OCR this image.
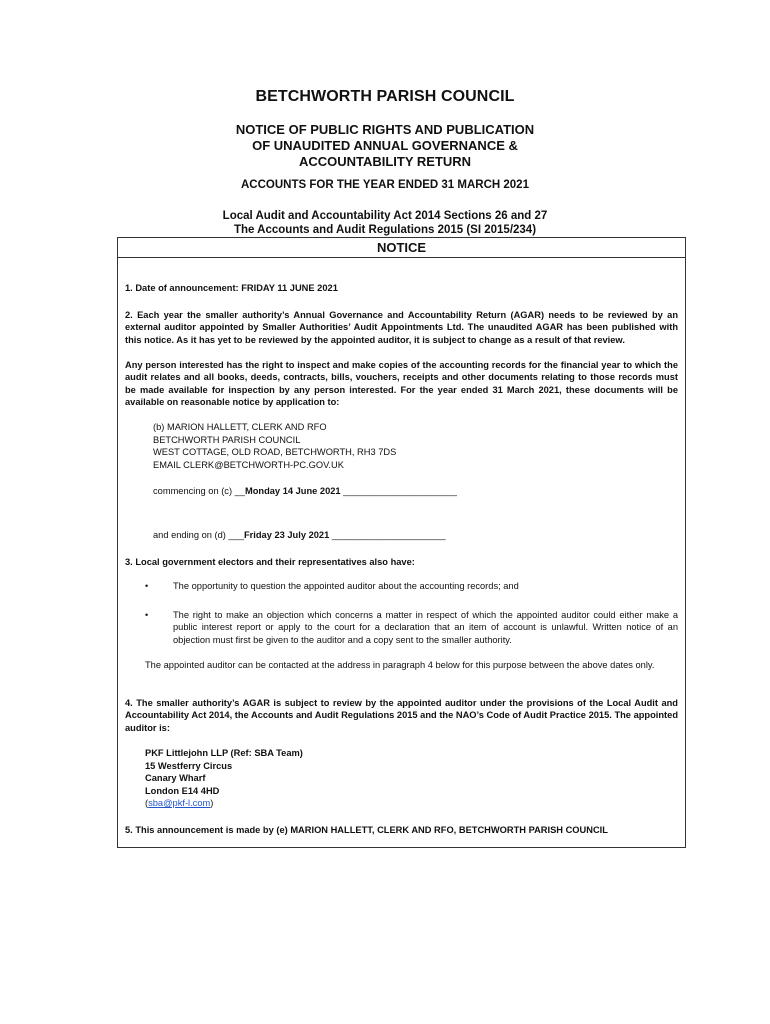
BETCHWORTH PARISH COUNCIL
NOTICE OF PUBLIC RIGHTS AND PUBLICATION
OF UNAUDITED ANNUAL GOVERNANCE &
ACCOUNTABILITY RETURN
ACCOUNTS FOR THE YEAR ENDED 31 MARCH 2021
Local Audit and Accountability Act 2014 Sections 26 and 27
The Accounts and Audit Regulations 2015 (SI 2015/234)
NOTICE

1. Date of announcement: FRIDAY 11 JUNE 2021

2. Each year the smaller authority’s Annual Governance and Accountability Return (AGAR) needs to be reviewed by an external auditor appointed by Smaller Authorities’ Audit Appointments Ltd. The unaudited AGAR has been published with this notice. As it has yet to be reviewed by the appointed auditor, it is subject to change as a result of that review.

Any person interested has the right to inspect and make copies of the accounting records for the financial year to which the audit relates and all books, deeds, contracts, bills, vouchers, receipts and other documents relating to those records must be made available for inspection by any person interested. For the year ended 31 March 2021, these documents will be available on reasonable notice by application to:

(b) MARION HALLETT, CLERK AND RFO

BETCHWORTH PARISH COUNCIL

WEST COTTAGE, OLD ROAD, BETCHWORTH, RH3 7DS

EMAIL CLERK@BETCHWORTH-PC.GOV.UK

commencing on (c) __Monday 14 June 2021 ______________________

and ending on (d) ___Friday 23 July 2021 ______________________

3. Local government electors and their representatives also have:

•	The opportunity to question the appointed auditor about the accounting records; and
•	The right to make an objection which concerns a matter in respect of which the appointed auditor could either make a public interest report or apply to the court for a declaration that an item of account is unlawful. Written notice of an objection must first be given to the auditor and a copy sent to the smaller authority.

The appointed auditor can be contacted at the address in paragraph 4 below for this purpose between the above dates only.

4. The smaller authority’s AGAR is subject to review by the appointed auditor under the provisions of the Local Audit and Accountability Act 2014, the Accounts and Audit Regulations 2015 and the NAO’s Code of Audit Practice 2015. The appointed auditor is:

PKF Littlejohn LLP (Ref: SBA Team)

15 Westferry Circus

Canary Wharf

London E14 4HD

(sba@pkf-l.com)

5. This announcement is made by (e) MARION HALLETT, CLERK AND RFO, BETCHWORTH PARISH COUNCIL
